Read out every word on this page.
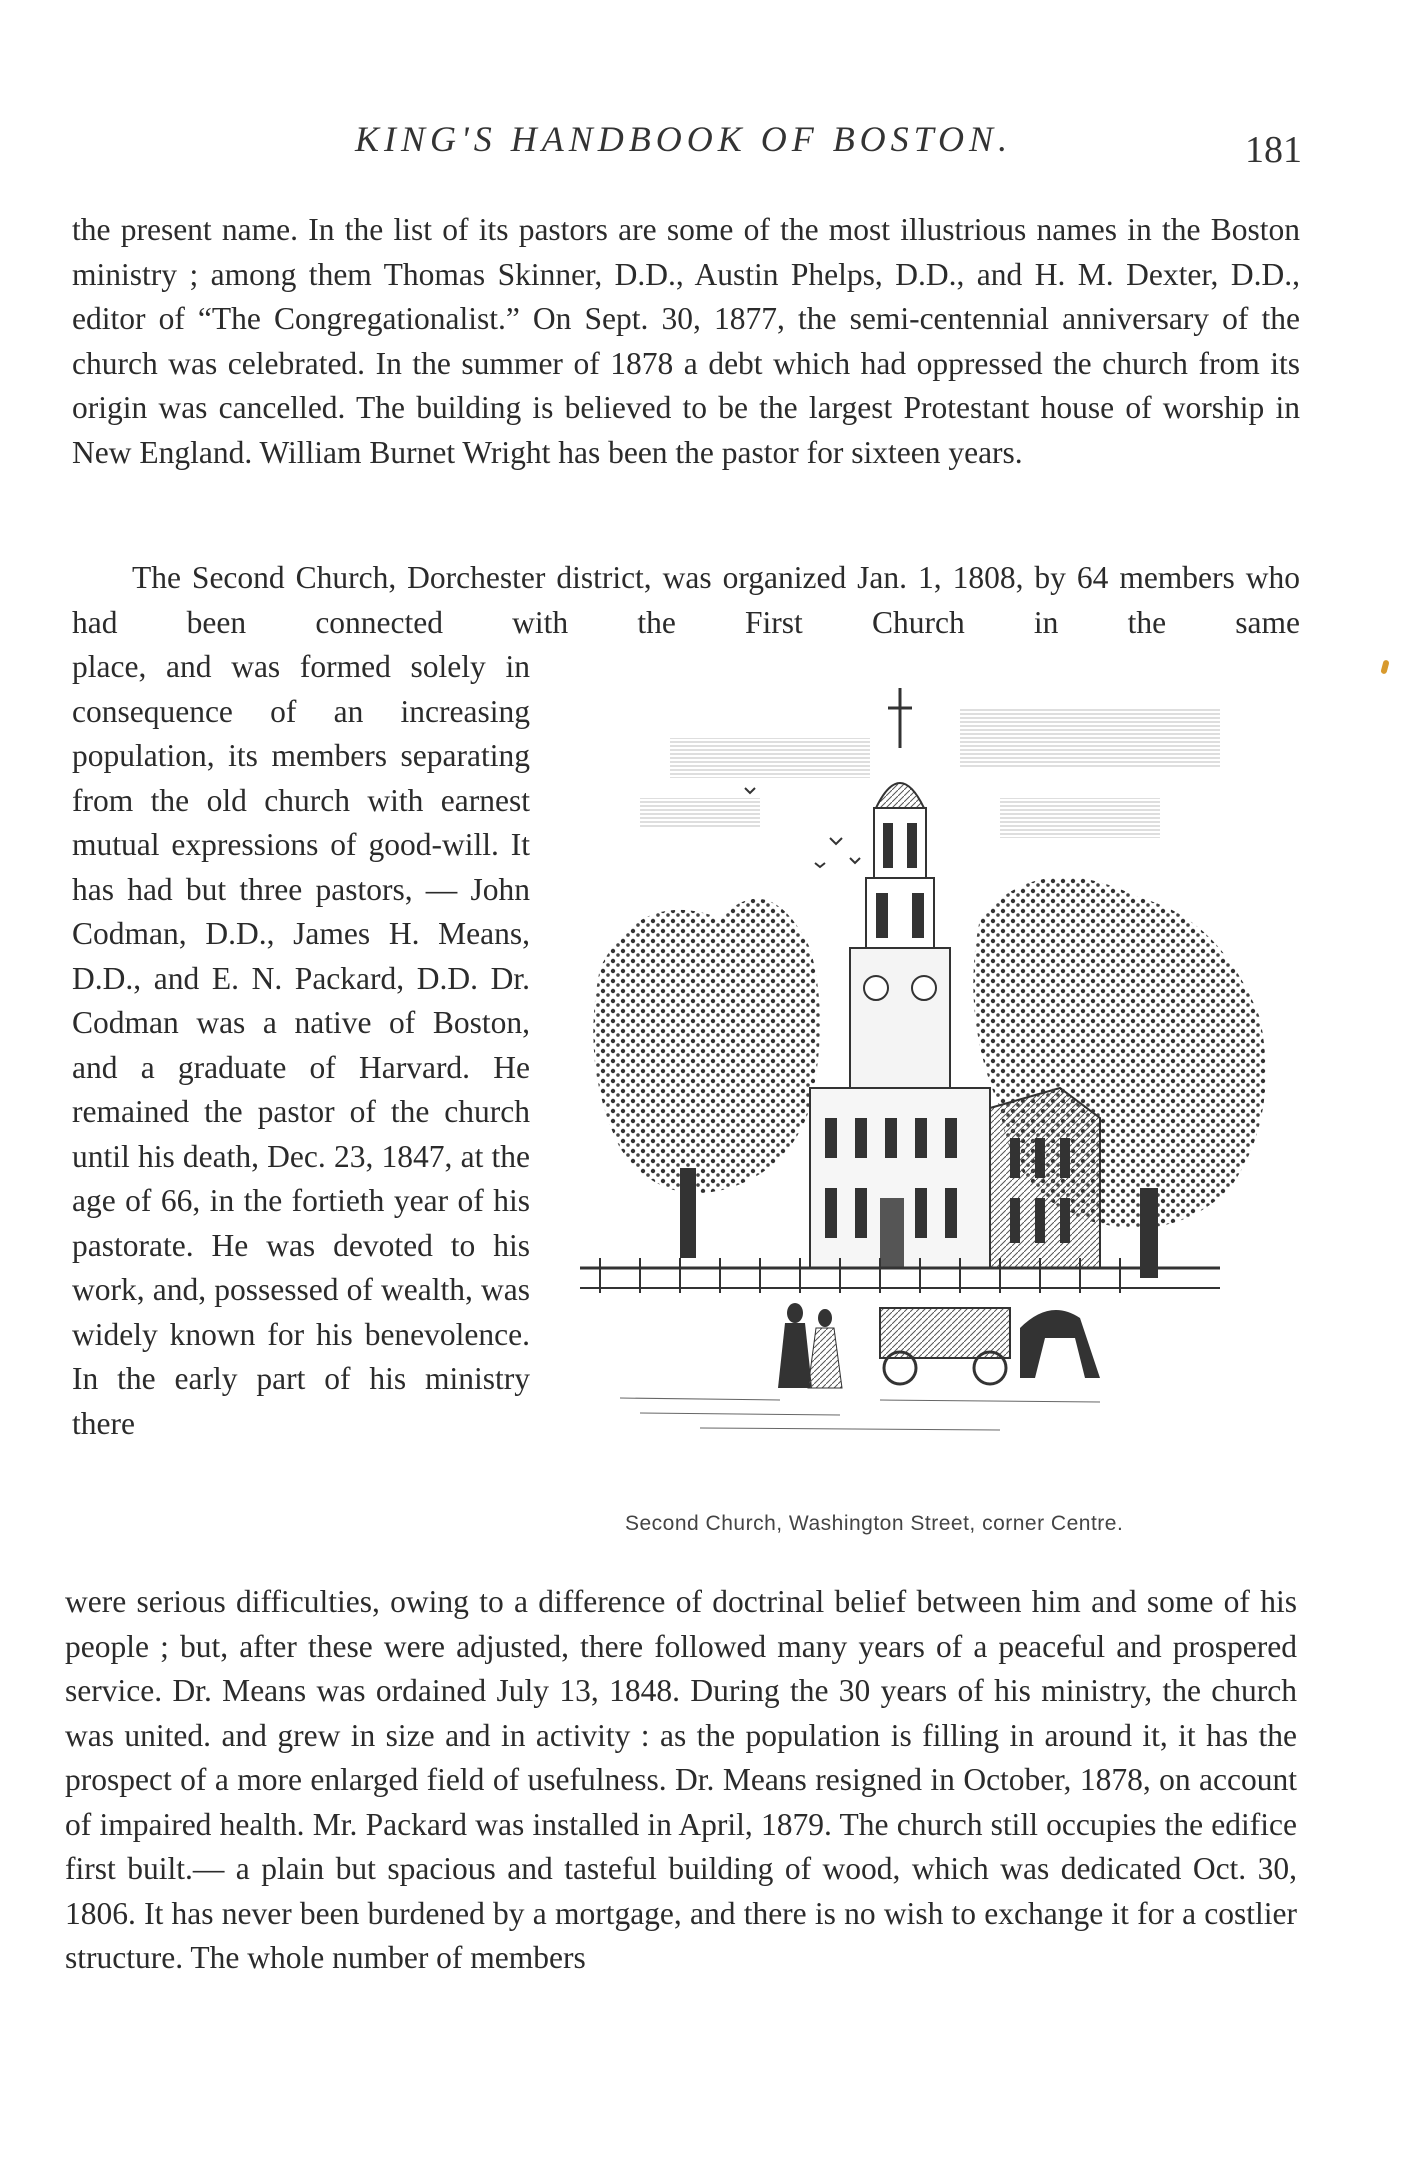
KING'S HANDBOOK OF BOSTON.	181

the present name. In the list of its pastors are some of the most illustrious names in the Boston ministry ; among them Thomas Skinner, D.D., Austin Phelps, D.D., and H. M. Dexter, D.D., editor of “The Congregationalist.” On Sept. 30, 1877, the semi-centennial anniversary of the church was celebrated. In the summer of 1878 a debt which had oppressed the church from its origin was cancelled. The building is believed to be the largest Protestant house of worship in New England. William Burnet Wright has been the pastor for sixteen years.

The Second Church, Dorchester district, was organized Jan. 1, 1808, by 64 members who had been connected with the First Church in the same

place, and was formed solely in consequence of an increasing population, its members separating from the old church with earnest mutual expressions of good-will. It has had but three pastors, — John Codman, D.D., James H. Means, D.D., and E. N. Packard, D.D. Dr. Codman was a native of Boston, and a graduate of Harvard. He remained the pastor of the church until his death, Dec. 23, 1847, at the age of 66, in the fortieth year of his pastorate. He was devoted to his work, and, possessed of wealth, was widely known for his benevolence. In the early part of his ministry there

Second Church, Washington Street, corner Centre.

were serious difficulties, owing to a difference of doctrinal belief between him and some of his people ; but, after these were adjusted, there followed many years of a peaceful and prospered service. Dr. Means was ordained July 13, 1848. During the 30 years of his ministry, the church was united. and grew in size and in activity : as the population is filling in around it, it has the prospect of a more enlarged field of usefulness. Dr. Means resigned in October, 1878, on account of impaired health. Mr. Packard was installed in April, 1879. The church still occupies the edifice first built.— a plain but spacious and tasteful building of wood, which was dedicated Oct. 30, 1806. It has never been burdened by a mortgage, and there is no wish to exchange it for a costlier structure. The whole number of members
